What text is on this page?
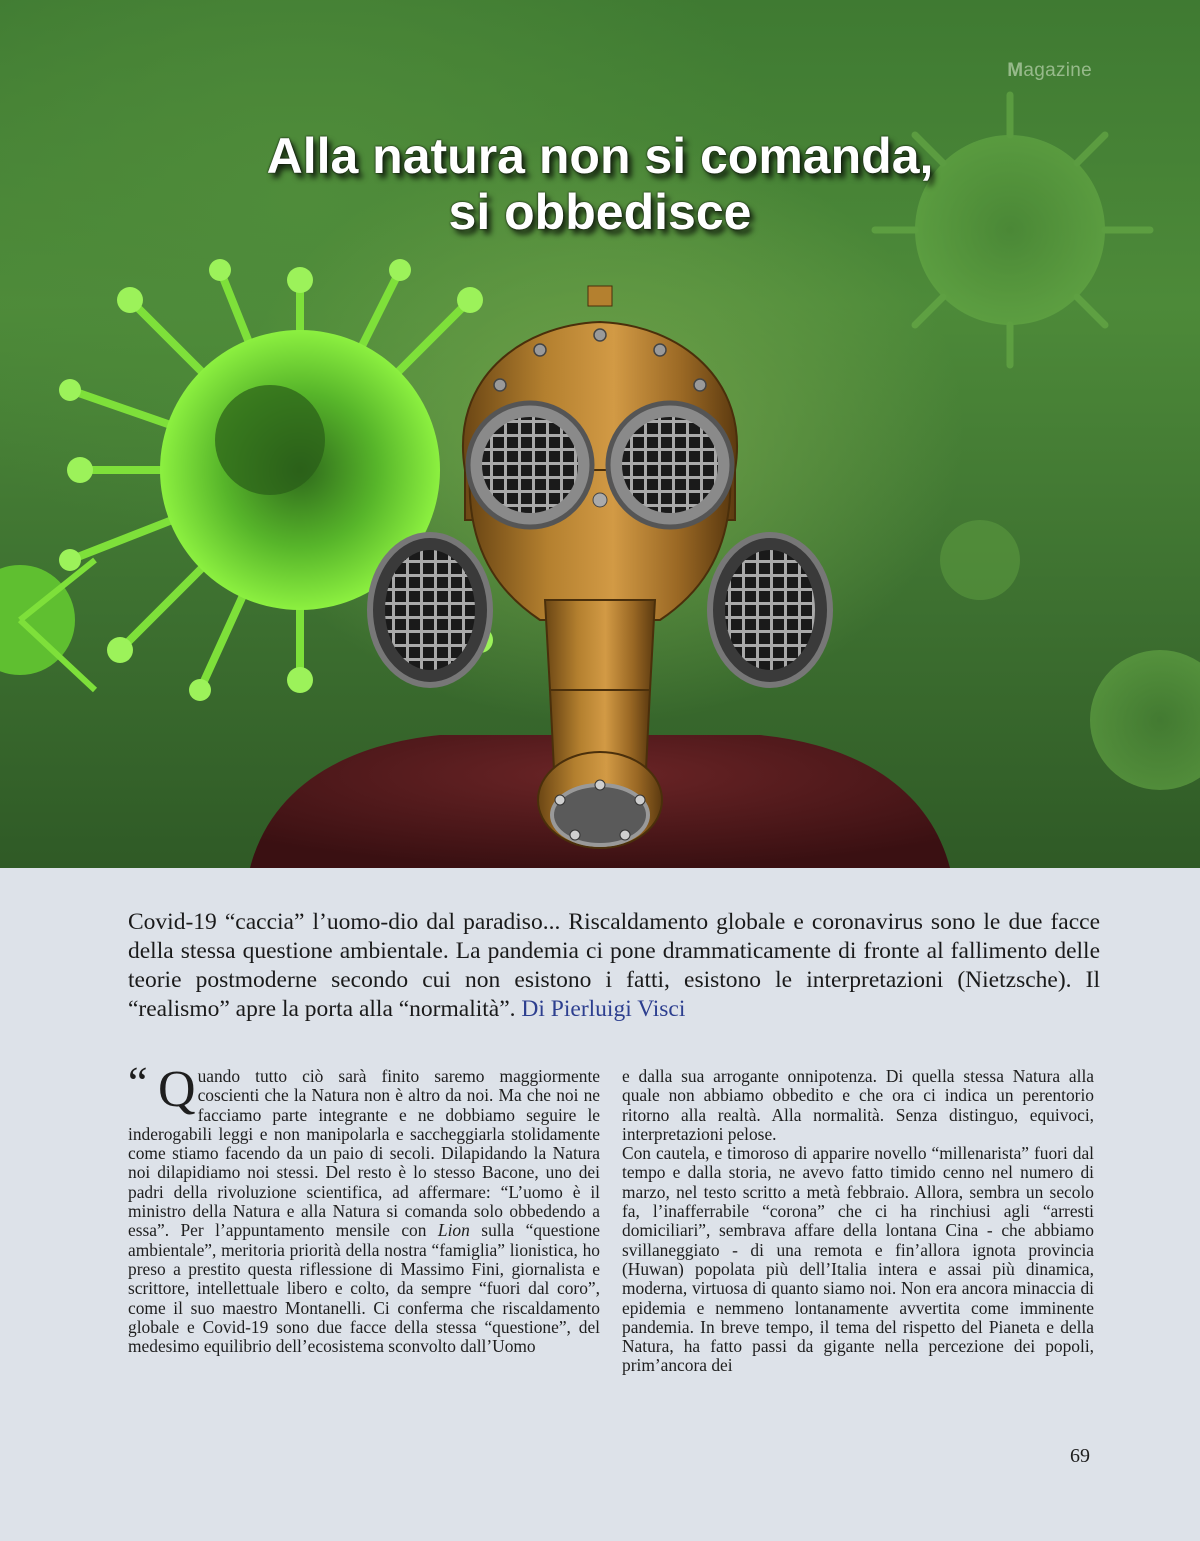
Magazine
Alla natura non si comanda,
si obbedisce

Covid-19 “caccia” l’uomo-dio dal paradiso... Riscaldamento globale e coronavirus sono le due facce della stessa questione ambientale. La pandemia ci pone drammaticamente di fronte al fallimento delle teorie postmoderne secondo cui non esistono i fatti, esistono le interpretazioni (Nietzsche). Il “realismo” apre la porta alla “normalità”. Di Pierluigi Visci

“ Q uando tutto ciò sarà finito saremo maggiormente coscienti che la Natura non è altro da noi. Ma che noi ne facciamo parte integrante e ne dobbiamo seguire le inderogabili leggi e non manipolarla e saccheggiarla stolidamente come stiamo facendo da un paio di secoli. Dilapidando la Natura noi dilapidiamo noi stessi. Del resto è lo stesso Bacone, uno dei padri della rivoluzione scientifica, ad affermare: “L’uomo è il ministro della Natura e alla Natura si comanda solo obbedendo a essa”. Per l’appuntamento mensile con Lion sulla “questione ambientale”, meritoria priorità della nostra “famiglia” lionistica, ho preso a prestito questa riflessione di Massimo Fini, giornalista e scrittore, intellettuale libero e colto, da sempre “fuori dal coro”, come il suo maestro Montanelli. Ci conferma che riscaldamento globale e Covid-19 sono due facce della stessa “questione”, del medesimo equilibrio dell’ecosistema sconvolto dall’Uomo

e dalla sua arrogante onnipotenza. Di quella stessa Natura alla quale non abbiamo obbedito e che ora ci indica un perentorio ritorno alla realtà. Alla normalità. Senza distinguo, equivoci, interpretazioni pelose.

Con cautela, e timoroso di apparire novello “millenarista” fuori dal tempo e dalla storia, ne avevo fatto timido cenno nel numero di marzo, nel testo scritto a metà febbraio. Allora, sembra un secolo fa, l’inafferrabile “corona” che ci ha rinchiusi agli “arresti domiciliari”, sembrava affare della lontana Cina - che abbiamo svillaneggiato - di una remota e fin’allora ignota provincia (Huwan) popolata più dell’Italia intera e assai più dinamica, moderna, virtuosa di quanto siamo noi. Non era ancora minaccia di epidemia e nemmeno lontanamente avvertita come imminente pandemia. In breve tempo, il tema del rispetto del Pianeta e della Natura, ha fatto passi da gigante nella percezione dei popoli, prim’ancora dei

69
